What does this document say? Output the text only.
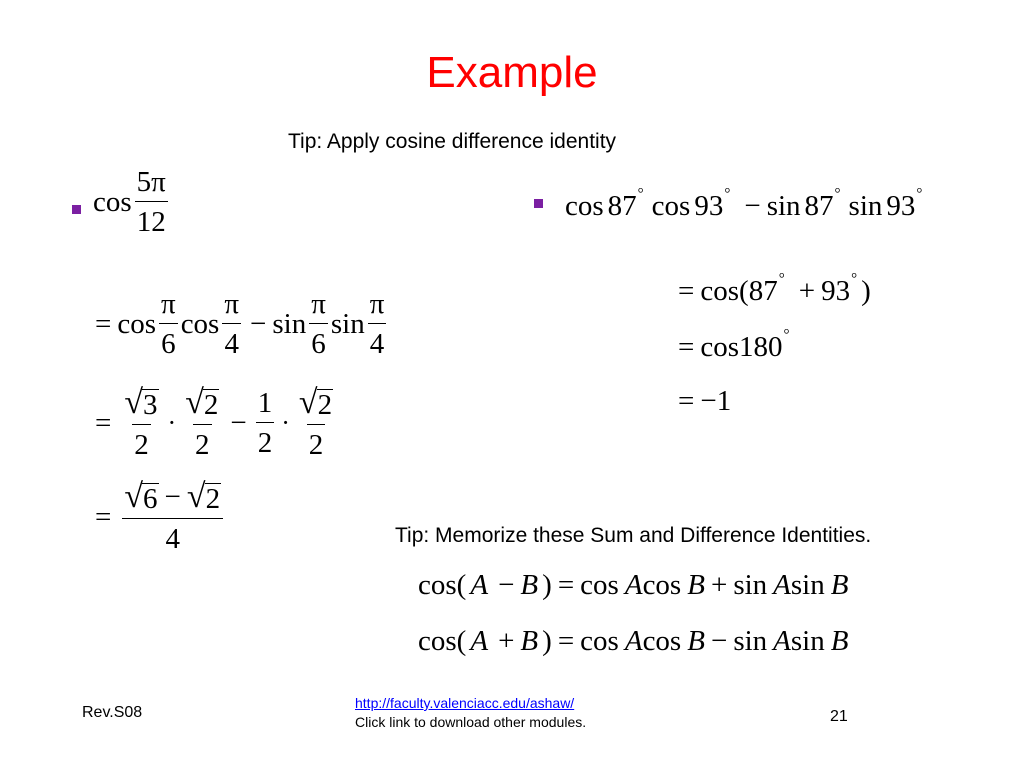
Example
Tip: Apply cosine difference identity
$\cos \frac{5\pi}{12}$
= $\cos \frac{\pi}{6}$ $\cos \frac{\pi}{4} - \sin \frac{\pi}{6}$ $\sin \frac{\pi}{4}$
= $\frac{√ 3}{2} \cdot \frac{√ 2}{2} - \frac{1}{2} \cdot \frac{√ 2}{2}$
= $\frac{√ 6 - √ 2}{4}$
cos 87 ° cos 93 ° − sin 87 ° sin 93 °
= cos ( 87 ° + 93 ° )
= cos 180 °
= −1
Tip: Memorize these Sum and Difference Identities.
cos ( A − B ) = cos A cos B + sin A sin B
cos ( A + B ) = cos A cos B − sin A sin B
Rev.S08
http://faculty.valenciacc.edu/ashaw/
Click link to download other modules.	21
